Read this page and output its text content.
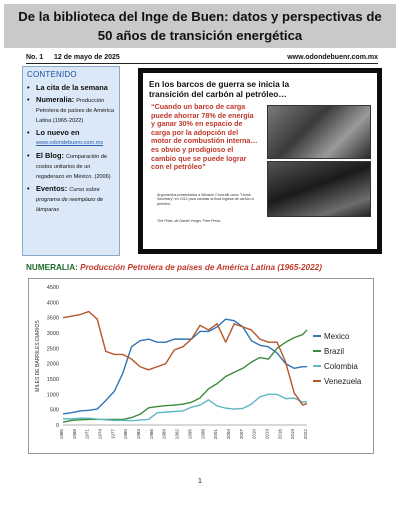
De la biblioteca del Inge de Buen: datos y perspectivas de
50 años de transición energética
No. 1 12 de mayo de 2025	www.odondebuenr.com.mx
CONTENIDO
• La cita de la semana
• Numeralia: Producción Petrolera de países de América Latina (1965-2022)
• Lo nuevo en
www.odondebuenr.com.mx
• El Blog: Comparación de costos unitarios de un regaderazo en México. (2006)
• Eventos: Curso sobre programa de reemplazo de lámparas
En los barcos de guerra se inicia la transición del carbón al petróleo…
“Cuando un barco de carga puede ahorrar 78% de energía y ganar 30% en espacio de carga por la adopción del motor de combustión interna…es obvio y prodigioso el cambio que se puede lograr con el petróleo”
Argumentos presentados a Winston Churchill como "Home Secretary" en 1912 para cambiar la flota inglesa de carbón a petróleo.
The Prize, de Daniel Yergin, Free Press.
NUMERALIA: Producción Petrolera de países de América Latina (1965-2022)
0
500
1000
1500
2000
2500
3000
3500
4000
4500
1965 1968 1971 1974 1977 1980 1983 1986 1989 1992 1995 1998 2001 2004 2007 2010 2013 2016 2019 2022
MILES DE BARRILES DIARIOS	Mexico
Brazil
Colombia
Venezuela
1
